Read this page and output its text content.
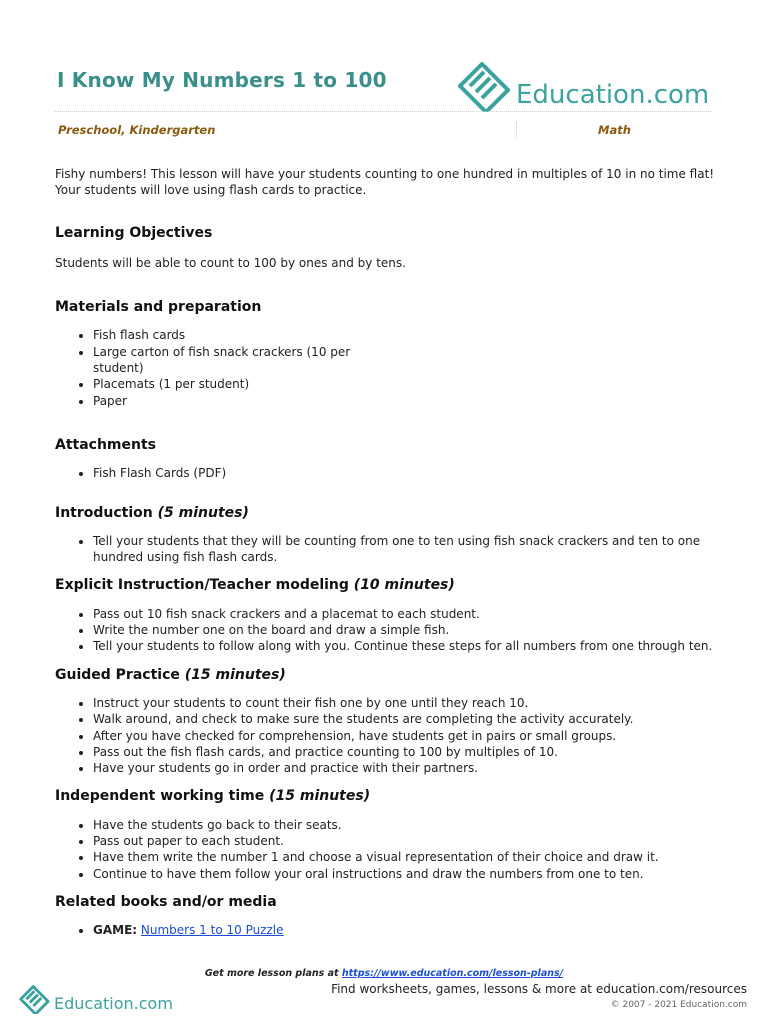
I Know My Numbers 1 to 100	Education.com
Preschool, Kindergarten	Math

Fishy numbers! This lesson will have your students counting to one hundred in multiples of 10 in no time flat! Your students will love using flash cards to practice.

Learning Objectives

Students will be able to count to 100 by ones and by tens.

Materials and preparation
• Fish flash cards
• Large carton of fish snack crackers (10 per student)
• Placemats (1 per student)
• Paper
Attachments
• Fish Flash Cards (PDF)
Introduction (5 minutes)
• Tell your students that they will be counting from one to ten using fish snack crackers and ten to one hundred using fish flash cards.
Explicit Instruction/Teacher modeling (10 minutes)
• Pass out 10 fish snack crackers and a placemat to each student.
• Write the number one on the board and draw a simple fish.
• Tell your students to follow along with you. Continue these steps for all numbers from one through ten.
Guided Practice (15 minutes)
• Instruct your students to count their fish one by one until they reach 10.
• Walk around, and check to make sure the students are completing the activity accurately.
• After you have checked for comprehension, have students get in pairs or small groups.
• Pass out the fish flash cards, and practice counting to 100 by multiples of 10.
• Have your students go in order and practice with their partners.
Independent working time (15 minutes)
• Have the students go back to their seats.
• Pass out paper to each student.
• Have them write the number 1 and choose a visual representation of their choice and draw it.
• Continue to have them follow your oral instructions and draw the numbers from one to ten.
Related books and/or media
• GAME: Numbers 1 to 10 Puzzle
Get more lesson plans at https://www.education.com/lesson-plans/
Education.com
Find worksheets, games, lessons & more at education.com/resources
© 2007 - 2021 Education.com
